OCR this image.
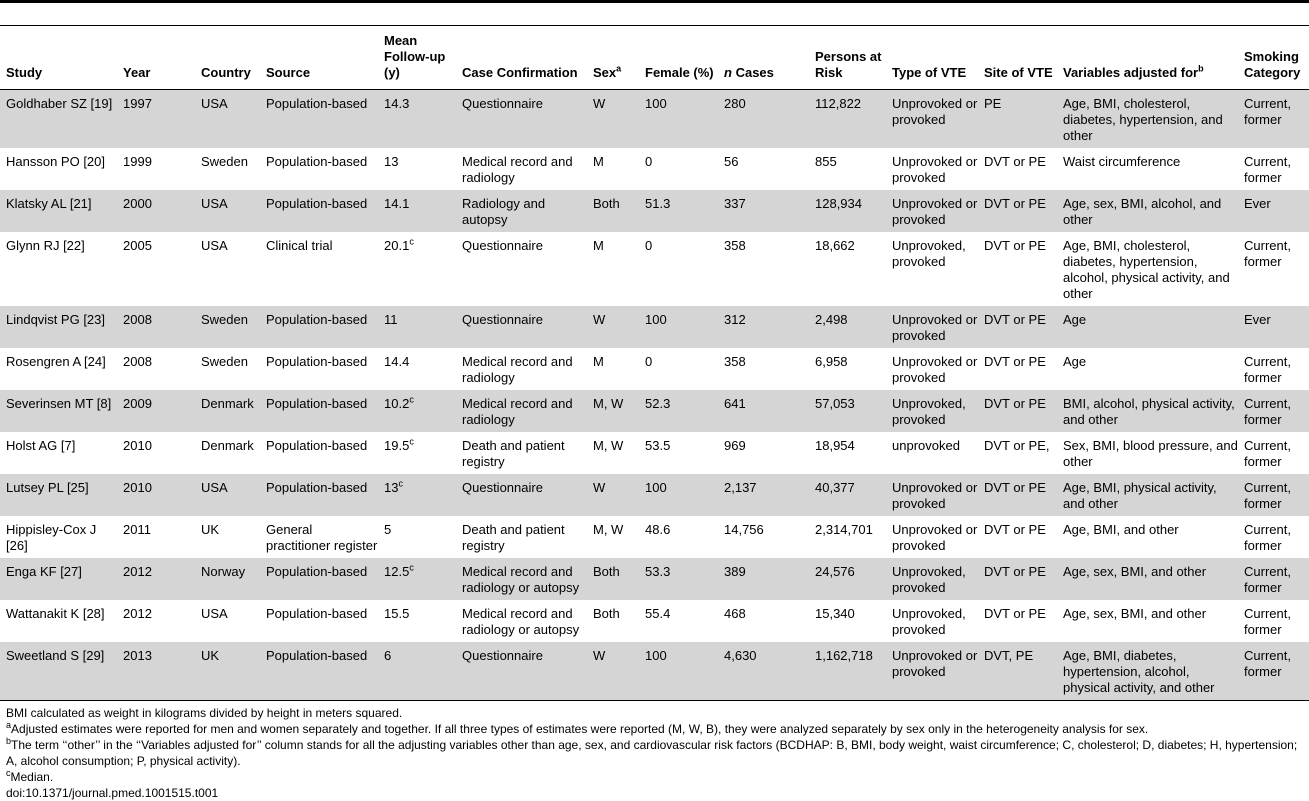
Study	Year	Country	Source	Mean Follow-up (y)	Case Confirmation	Sex$^a$	Female (%)	n Cases	Persons at Risk	Type of VTE	Site of VTE	Variables adjusted for$^b$	Smoking Category
Goldhaber SZ [19]	1997	USA	Population-based	14.3	Questionnaire	W	100	280	112,822	Unprovoked or provoked	PE	Age, BMI, cholesterol, diabetes, hypertension, and other	Current, former
Hansson PO [20]	1999	Sweden	Population-based	13	Medical record and radiology	M	0	56	855	Unprovoked or provoked	DVT or PE	Waist circumference	Current, former
Klatsky AL [21]	2000	USA	Population-based	14.1	Radiology and autopsy	Both	51.3	337	128,934	Unprovoked or provoked	DVT or PE	Age, sex, BMI, alcohol, and other	Ever
Glynn RJ [22]	2005	USA	Clinical trial	20.1$^c$	Questionnaire	M	0	358	18,662	Unprovoked, provoked	DVT or PE	Age, BMI, cholesterol, diabetes, hypertension, alcohol, physical activity, and other	Current, former
Lindqvist PG [23]	2008	Sweden	Population-based	11	Questionnaire	W	100	312	2,498	Unprovoked or provoked	DVT or PE	Age	Ever
Rosengren A [24]	2008	Sweden	Population-based	14.4	Medical record and radiology	M	0	358	6,958	Unprovoked or provoked	DVT or PE	Age	Current, former
Severinsen MT [8]	2009	Denmark	Population-based	10.2$^c$	Medical record and radiology	M, W	52.3	641	57,053	Unprovoked, provoked	DVT or PE	BMI, alcohol, physical activity, and other	Current, former
Holst AG [7]	2010	Denmark	Population-based	19.5$^c$	Death and patient registry	M, W	53.5	969	18,954	unprovoked	DVT or PE,	Sex, BMI, blood pressure, and other	Current, former
Lutsey PL [25]	2010	USA	Population-based	13$^c$	Questionnaire	W	100	2,137	40,377	Unprovoked or provoked	DVT or PE	Age, BMI, physical activity, and other	Current, former
Hippisley-Cox J [26]	2011	UK	General practitioner register	5	Death and patient registry	M, W	48.6	14,756	2,314,701	Unprovoked or provoked	DVT or PE	Age, BMI, and other	Current, former
Enga KF [27]	2012	Norway	Population-based	12.5$^c$	Medical record and radiology or autopsy	Both	53.3	389	24,576	Unprovoked, provoked	DVT or PE	Age, sex, BMI, and other	Current, former
Wattanakit K [28]	2012	USA	Population-based	15.5	Medical record and radiology or autopsy	Both	55.4	468	15,340	Unprovoked, provoked	DVT or PE	Age, sex, BMI, and other	Current, former
Sweetland S [29]	2013	UK	Population-based	6	Questionnaire	W	100	4,630	1,162,718	Unprovoked or provoked	DVT, PE	Age, BMI, diabetes, hypertension, alcohol, physical activity, and other	Current, former
BMI calculated as weight in kilograms divided by height in meters squared.
$^a$Adjusted estimates were reported for men and women separately and together. If all three types of estimates were reported (M, W, B), they were analyzed separately by sex only in the heterogeneity analysis for sex.
$^b$The term ‘‘other’’ in the ‘‘Variables adjusted for’’ column stands for all the adjusting variables other than age, sex, and cardiovascular risk factors (BCDHAP: B, BMI, body weight, waist circumference; C, cholesterol; D, diabetes; H, hypertension; A, alcohol consumption; P, physical activity).
$^c$Median.
doi:10.1371/journal.pmed.1001515.t001
